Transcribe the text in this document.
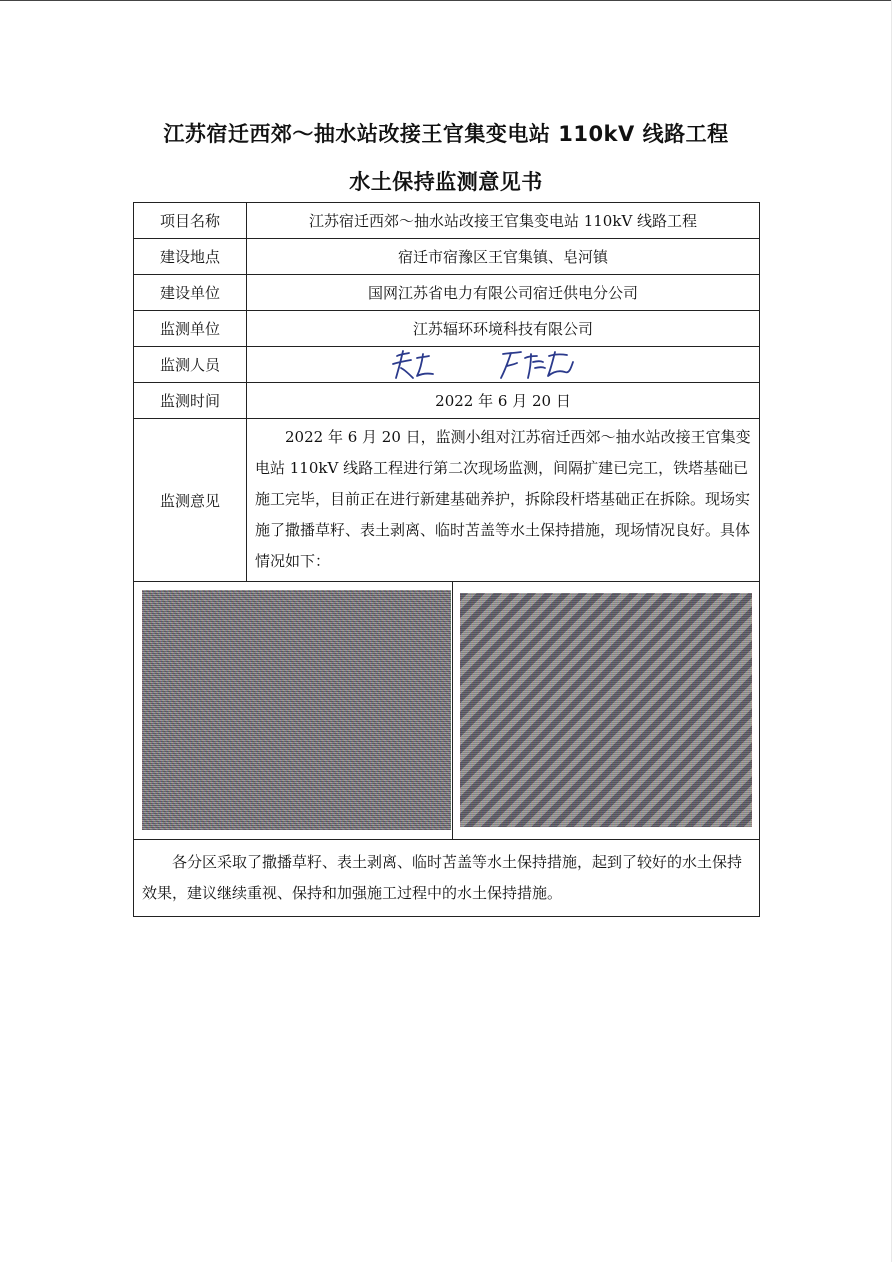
江苏宿迁西郊～抽水站改接王官集变电站 110kV 线路工程
水土保持监测意见书
项目名称	江苏宿迁西郊～抽水站改接王官集变电站 110kV 线路工程
建设地点	宿迁市宿豫区王官集镇、皂河镇
建设单位	国网江苏省电力有限公司宿迁供电分公司
监测单位	江苏辐环环境科技有限公司
监测人员	

监测时间	2022 年 6 月 20 日
监测意见	2022 年 6 月 20 日，监测小组对江苏宿迁西郊～抽水站改接王官集变电站 110kV 线路工程进行第二次现场监测，间隔扩建已完工，铁塔基础已施工完毕，目前正在进行新建基础养护，拆除段杆塔基础正在拆除。现场实施了撒播草籽、表土剥离、临时苫盖等水土保持措施，现场情况良好。具体情况如下：

各分区采取了撒播草籽、表土剥离、临时苫盖等水土保持措施，起到了较好的水土保持效果，建议继续重视、保持和加强施工过程中的水土保持措施。	
